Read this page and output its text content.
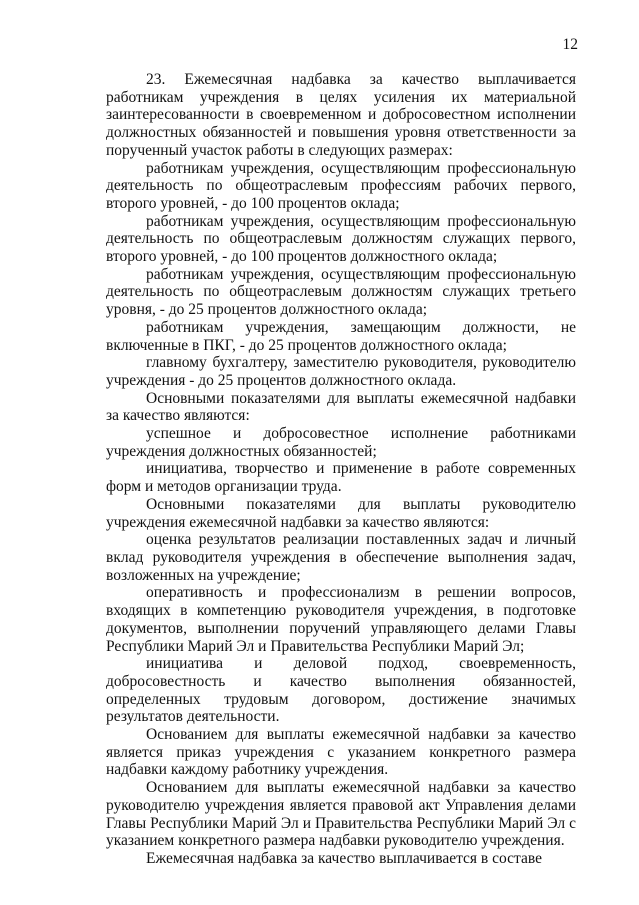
12

23. Ежемесячная надбавка за качество выплачивается работникам учреждения в целях усиления их материальной заинтересованности в своевременном и добросовестном исполнении должностных обязанностей и повышения уровня ответственности за порученный участок работы в следующих размерах:

работникам учреждения, осуществляющим профессиональную деятельность по общеотраслевым профессиям рабочих первого, второго уровней, - до 100 процентов оклада;

работникам учреждения, осуществляющим профессиональную деятельность по общеотраслевым должностям служащих первого, второго уровней, - до 100 процентов должностного оклада;

работникам учреждения, осуществляющим профессиональную деятельность по общеотраслевым должностям служащих третьего уровня, - до 25 процентов должностного оклада;

работникам учреждения, замещающим должности, не включенные в ПКГ, - до 25 процентов должностного оклада;

главному бухгалтеру, заместителю руководителя, руководителю учреждения - до 25 процентов должностного оклада.

Основными показателями для выплаты ежемесячной надбавки за качество являются:

успешное и добросовестное исполнение работниками учреждения должностных обязанностей;

инициатива, творчество и применение в работе современных форм и методов организации труда.

Основными показателями для выплаты руководителю учреждения ежемесячной надбавки за качество являются:

оценка результатов реализации поставленных задач и личный вклад руководителя учреждения в обеспечение выполнения задач, возложенных на учреждение;

оперативность и профессионализм в решении вопросов, входящих в компетенцию руководителя учреждения, в подготовке документов, выполнении поручений управляющего делами Главы Республики Марий Эл и Правительства Республики Марий Эл;

инициатива и деловой подход, своевременность, добросовестность и качество выполнения обязанностей, определенных трудовым договором, достижение значимых результатов деятельности.

Основанием для выплаты ежемесячной надбавки за качество является приказ учреждения с указанием конкретного размера надбавки каждому работнику учреждения.

Основанием для выплаты ежемесячной надбавки за качество руководителю учреждения является правовой акт Управления делами Главы Республики Марий Эл и Правительства Республики Марий Эл с указанием конкретного размера надбавки руководителю учреждения.

Ежемесячная надбавка за качество выплачивается в составе
